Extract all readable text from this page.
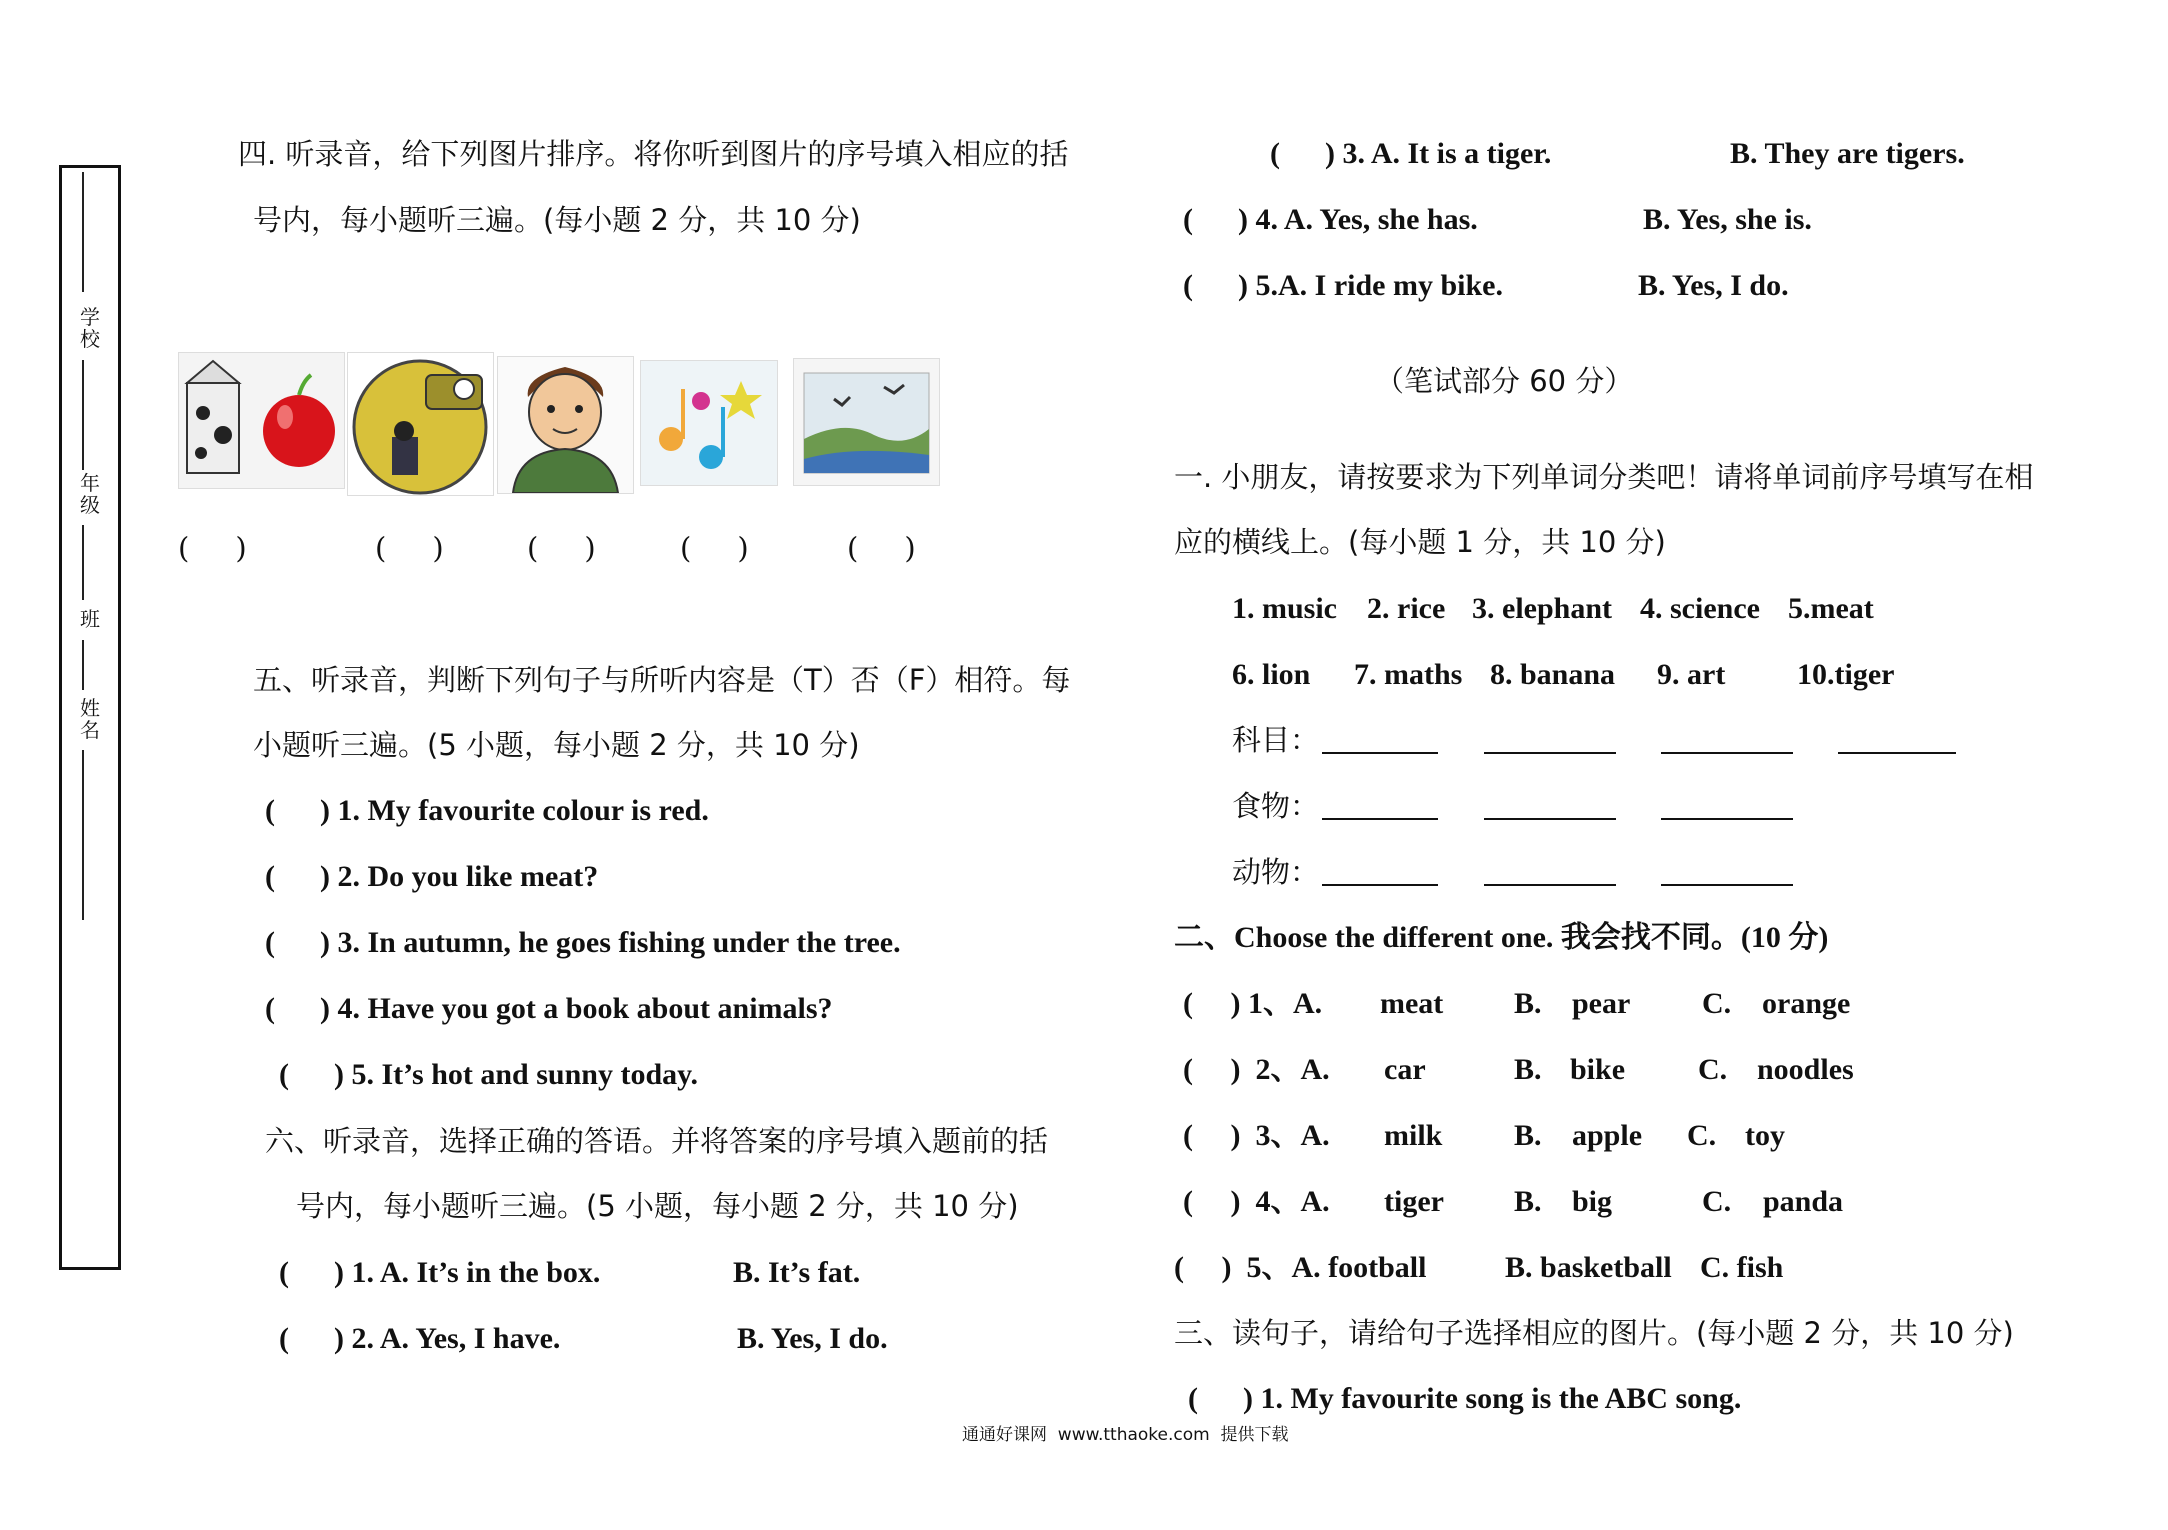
学校
年级
班
姓名
四. 听录音，给下列图片排序。将你听到图片的序号填入相应的括
号内，每小题听三遍。(每小题 2 分，共 10 分)
(     )	(     )	(     )	(     )	(     )
五、听录音，判断下列句子与所听内容是（T）否（F）相符。每
小题听三遍。(5 小题，每小题 2 分，共 10 分)
(      ) 1. My favourite colour is red.
(      ) 2. Do you like meat?
(      ) 3. In autumn, he goes fishing under the tree.
(      ) 4. Have you got a book about animals?
(      ) 5. It’s hot and sunny today.
六、听录音，选择正确的答语。并将答案的序号填入题前的括
号内，每小题听三遍。(5 小题，每小题 2 分，共 10 分)
(      ) 1. A. It’s in the box.	B. It’s fat.
(      ) 2. A. Yes, I have.	B. Yes, I do.
(      ) 3. A. It is a tiger.	B. They are tigers.
(      ) 4. A. Yes, she has.	B. Yes, she is.
(      ) 5.A. I ride my bike.	B. Yes, I do.
（笔试部分 60 分）
一. 小朋友，请按要求为下列单词分类吧！请将单词前序号填写在相
应的横线上。(每小题 1 分，共 10 分)
1. music 2. rice 3. elephant 4. science 5.meat
6. lion 7. maths 8. banana 9. art 10.tiger
科目：
食物：
动物：
二、Choose the different one. 我会找不同。(10 分)
(     ) 1、A. meat B. pear C. orange
(     )  2、A. car	B. bike C. noodles
(     )  3、A. milk B. apple C. toy
(     )  4、A. tiger B. big	C. panda
(     )  5、A. football	B. basketball C. fish
三、读句子，请给句子选择相应的图片。(每小题 2 分，共 10 分)
(      ) 1. My favourite song is the ABC song.
通通好课网  www.tthaoke.com  提供下载
